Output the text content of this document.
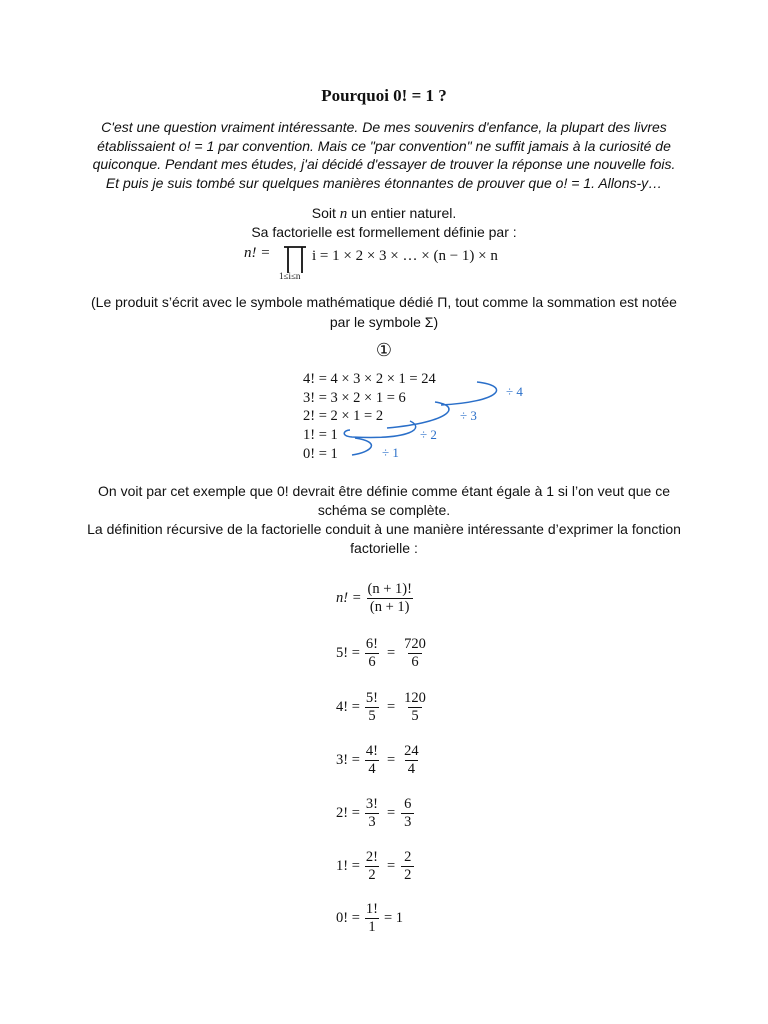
Pourquoi 0! = 1 ?
C'est une question vraiment intéressante. De mes souvenirs d'enfance, la plupart des livres établissaient o! = 1 par convention. Mais ce "par convention" ne suffit jamais à la curiosité de quiconque. Pendant mes études, j'ai décidé d'essayer de trouver la réponse une nouvelle fois. Et puis je suis tombé sur quelques manières étonnantes de prouver que o! = 1. Allons-y…
Soit n un entier naturel.
Sa factorielle est formellement définie par :
n! =
1≤i≤n
i = 1 × 2 × 3 × … × (n − 1) × n
(Le produit s’écrit avec le symbole mathématique dédié Π, tout comme la sommation est notée par le symbole Σ)
①
4! = 4 × 3 × 2 × 1 = 24
3! = 3 × 2 × 1 = 6
2! = 2 × 1 = 2
1! = 1
0! = 1
÷ 4
÷ 3
÷ 2
÷ 1
On voit par cet exemple que 0! devrait être définie comme étant égale à 1 si l’on veut que ce schéma se complète.
La définition récursive de la factorielle conduit à une manière intéressante d’exprimer la fonction factorielle :
n! = $\frac{(n + 1)!}{(n + 1)}$
5! = $\frac{6!}{6} = \frac{720}{6}$
4! = $\frac{5!}{5} = \frac{120}{5}$
3! = $\frac{4!}{4} = \frac{24}{4}$
2! = $\frac{3!}{3} = \frac{6}{3}$
1! = $\frac{2!}{2} = \frac{2}{2}$
0! = $\frac{1!}{1} = 1$
